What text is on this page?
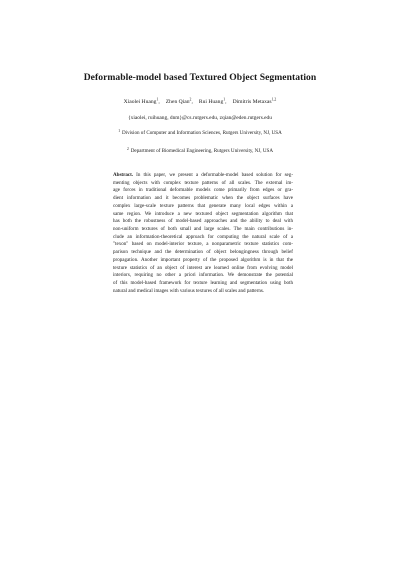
Deformable-model based Textured Object Segmentation
Xiaolei Huang$^1$, Zhen Qian$^2$, Rui Huang$^1$, Dimitris Metaxas$^{1,2}$
{xiaolei, ruihuang, dnm}@cs.rutgers.edu, zqian@eden.rutgers.edu
$^1$ Division of Computer and Information Sciences, Rutgers University, NJ, USA
$^2$ Department of Biomedical Engineering, Rutgers University, NJ, USA
Abstract. In this paper, we present a deformable-model based solution for seg-
menting objects with complex texture patterns of all scales. The external im-
age forces in traditional deformable models come primarily from edges or gra-
dient information and it becomes problematic when the object surfaces have
complex large-scale texture patterns that generate many local edges within a
same region. We introduce a new textured object segmentation algorithm that
has both the robustness of model-based approaches and the ability to deal with
non-uniform textures of both small and large scales. The main contributions in-
clude an information-theoretical approach for computing the natural scale of a
"texon" based on model-interior texture, a nonparametric texture statistics com-
parison technique and the determination of object belongingness through belief
propagation. Another important property of the proposed algorithm is in that the
texture statistics of an object of interest are learned online from evolving model
interiors, requiring no other a priori information. We demonstrate the potential
of this model-based framework for texture learning and segmentation using both
natural and medical images with various textures of all scales and patterns.
